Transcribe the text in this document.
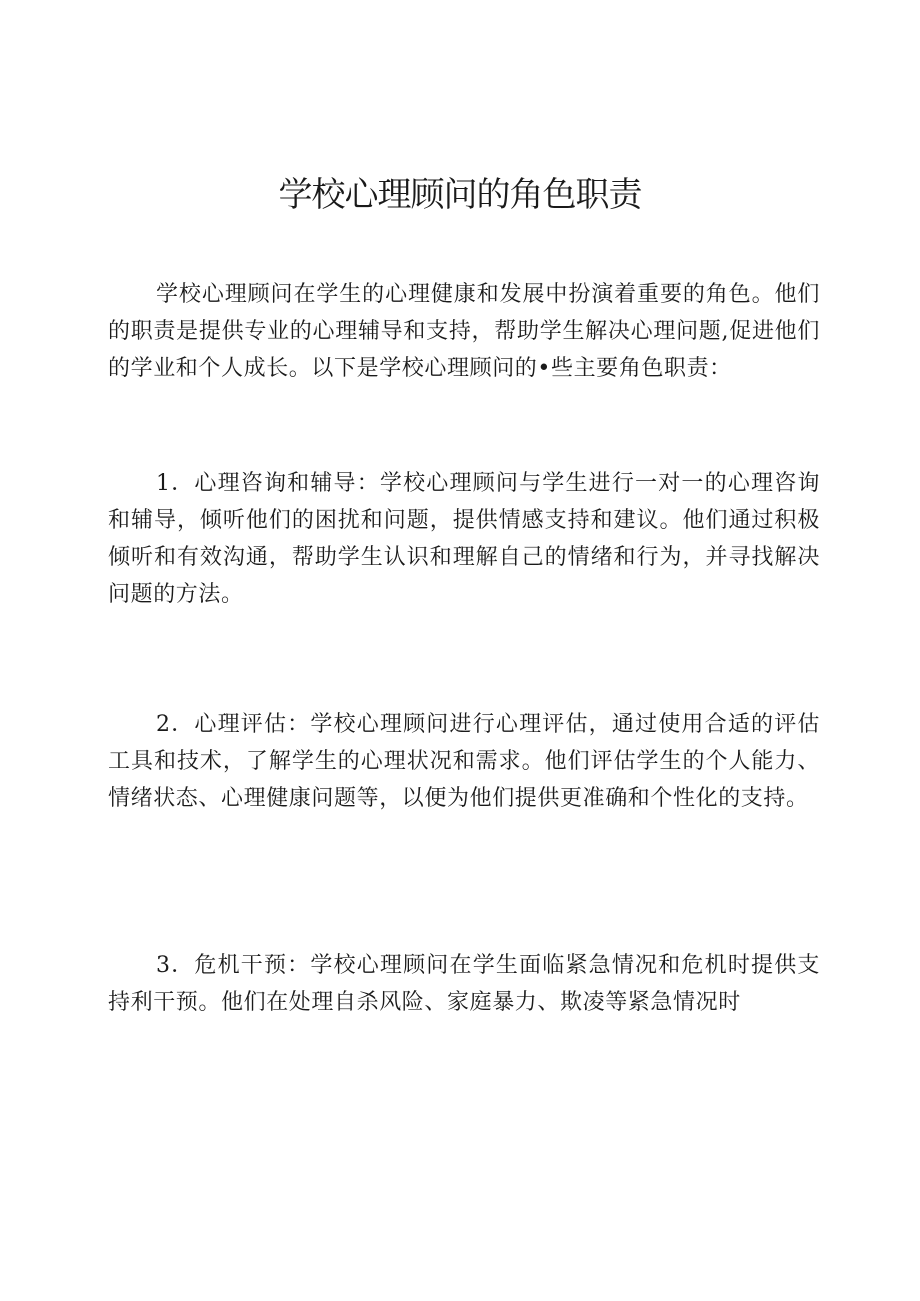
学校心理顾问的角色职责

学校心理顾问在学生的心理健康和发展中扮演着重要的角色。他们的职责是提供专业的心理辅导和支持，帮助学生解决心理问题,促进他们的学业和个人成长。以下是学校心理顾问的•些主要角色职责：

1．心理咨询和辅导：学校心理顾问与学生进行一对一的心理咨询和辅导，倾听他们的困扰和问题，提供情感支持和建议。他们通过积极倾听和有效沟通，帮助学生认识和理解自己的情绪和行为，并寻找解决问题的方法。

2．心理评估：学校心理顾问进行心理评估，通过使用合适的评估工具和技术，了解学生的心理状况和需求。他们评估学生的个人能力、情绪状态、心理健康问题等，以便为他们提供更准确和个性化的支持。

3．危机干预：学校心理顾问在学生面临紧急情况和危机时提供支持利干预。他们在处理自杀风险、家庭暴力、欺凌等紧急情况时
